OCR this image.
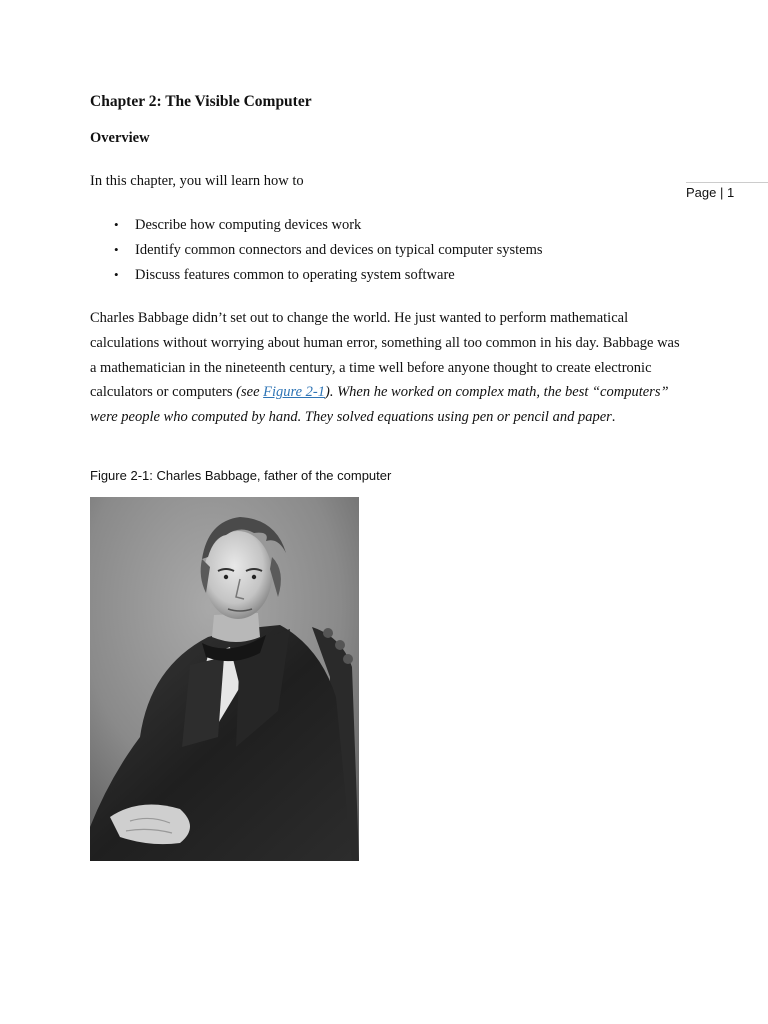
Chapter 2: The Visible Computer
Overview

In this chapter, you will learn how to

Page | 1
• Describe how computing devices work
• Identify common connectors and devices on typical computer systems
• Discuss features common to operating system software

Charles Babbage didn’t set out to change the world. He just wanted to perform mathematical calculations without worrying about human error, something all too common in his day. Babbage was a mathematician in the nineteenth century, a time well before anyone thought to create electronic calculators or computers (see Figure 2-1). When he worked on complex math, the best “computers” were people who computed by hand. They solved equations using pen or pencil and paper.

Figure 2-1: Charles Babbage, father of the computer
